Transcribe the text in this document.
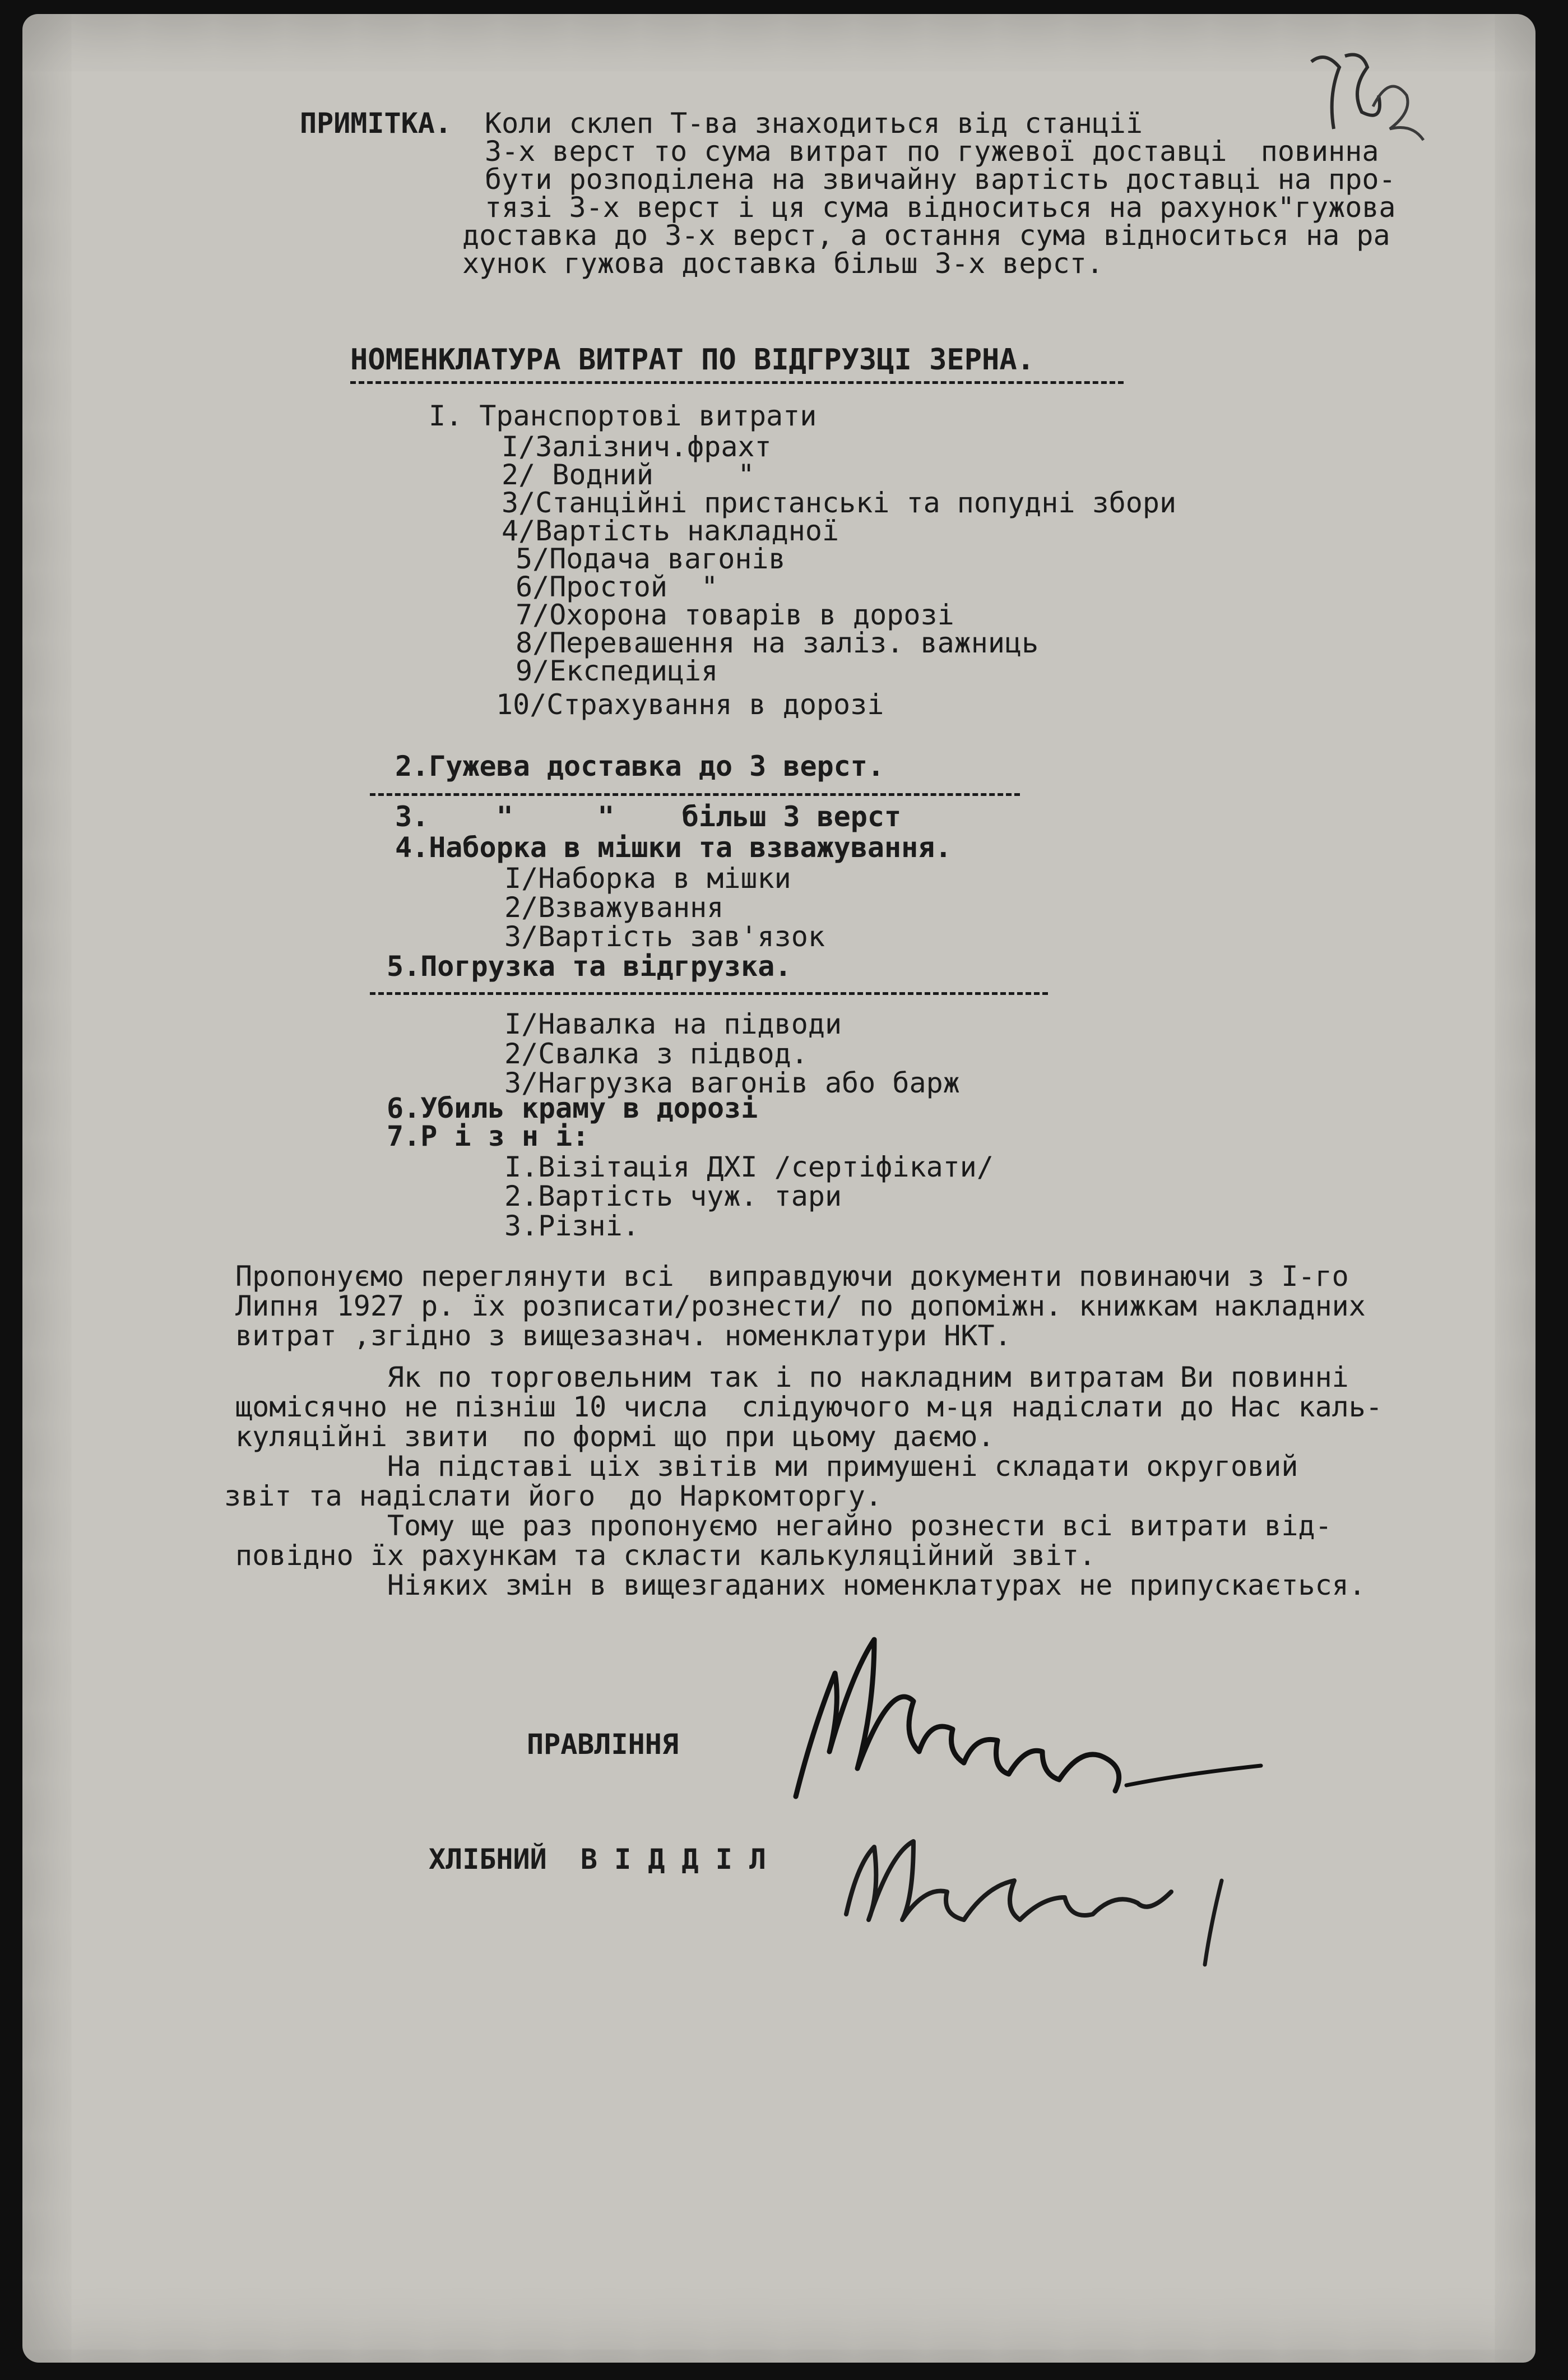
ПРИМІТКА. Коли склеп Т-ва знаходиться від станції
3-х верст то сума витрат по гужевої доставці  повинна
бути розподілена на звичайну вартість доставці на про-
тязі 3-х верст і ця сума відноситься на рахунок"гужова
доставка до 3-х верст, а остання сума відноситься на ра
хунок гужова доставка більш 3-х верст.
НОМЕНКЛАТУРА ВИТРАТ ПО ВІДГРУЗЦІ ЗЕРНА.
I. Транспортові витрати
I/Залізнич.фрахт
2/ Водний     "
3/Станційні пристанські та попудні збори
4/Вартість накладної
5/Подача вагонів
6/Простой  "
7/Охорона товарів в дорозі
8/Перевашення на заліз. важниць
9/Експедиція
10/Страхування в дорозі
2.Гужева доставка до 3 верст.
3.    "     "    більш 3 верст
4.Наборка в мішки та взважування.
I/Наборка в мішки
2/Взважування
3/Вартість зав'язок
5.Погрузка та відгрузка.
I/Навалка на підводи
2/Свалка з підвод.
3/Нагрузка вагонів або барж
6.Убиль краму в дорозі
7.Р і з н і:
I.Візітація ДХІ /сертіфікати/
2.Вартість чуж. тари
3.Різні.
Пропонуємо переглянути всі  виправдуючи документи повинаючи з I-го
Липня 1927 р. їх розписати/рознести/ по допоміжн. книжкам накладних
витрат ,згідно з вищезазнач. номенклатури НКТ.
Як по торговельним так і по накладним витратам Ви повинні
щомісячно не пізніш 10 числа  слідуючого м-ця надіслати до Нас каль-
куляційні звити  по формі що при цьому дaємо.
На підставі ціх звітів ми примушені складати округовий
звіт та надіслати його  до Наркомторгу.
Тому ще раз пропонуємо негайно рознести всі витрати від-
повідно їх рахункам та скласти калькуляційний звіт.
Ніяких змін в вищезгаданих номенклатурах не припускається.
ПРАВЛІННЯ
ХЛІБНИЙ  В І Д Д І Л
